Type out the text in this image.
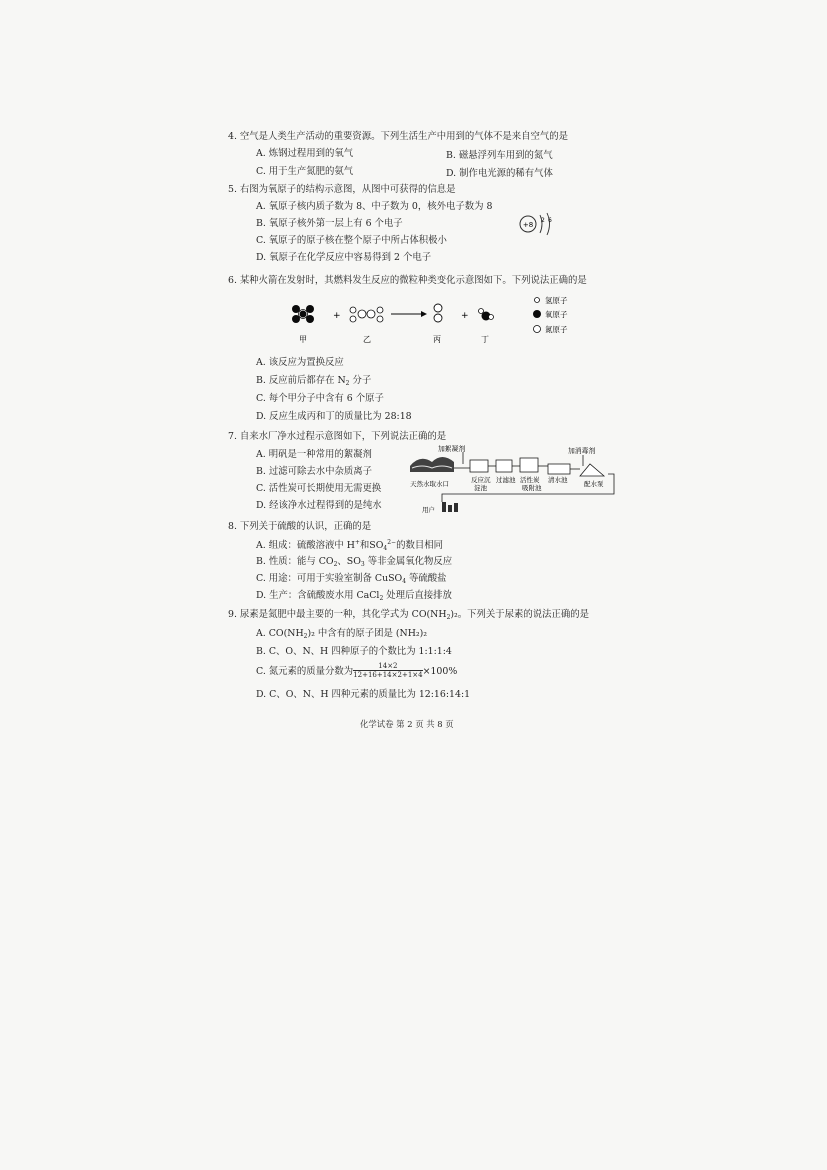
4. 空气是人类生产活动的重要资源。下列生活生产中用到的气体不是来自空气的是
A. 炼钢过程用到的氧气	B. 磁悬浮列车用到的氮气
C. 用于生产氮肥的氨气	D. 制作电光源的稀有气体
5. 右图为氧原子的结构示意图，从图中可获得的信息是
A. 氧原子核内质子数为 8、中子数为 0，核外电子数为 8
B. 氧原子核外第一层上有 6 个电子
C. 氧原子的原子核在整个原子中所占体积极小
D. 氧原子在化学反应中容易得到 2 个电子
+8
2 6
6. 某种火箭在发射时，其燃料发生反应的微粒种类变化示意图如下。下列说法正确的是
+	+
甲	乙	丙	丁
氢原子
氧原子
氮原子
A. 该反应为置换反应
B. 反应前后都存在 $N_2$ 分子
C. 每个甲分子中含有 6 个原子
D. 反应生成丙和丁的质量比为 28:18
7. 自来水厂净水过程示意图如下，下列说法正确的是
A. 明矾是一种常用的絮凝剂
B. 过滤可除去水中杂质离子
C. 活性炭可长期使用无需更换
D. 经该净水过程得到的是纯水
加絮凝剂	加消毒剂
天然水取水口	反应沉
淀池
过滤池 活性炭
吸附池
清水池	配水泵
用户
8. 下列关于硫酸的认识，正确的是
A. 组成：硫酸溶液中 H+和$SO_4^{2-}$的数目相同
B. 性质：能与 $CO_2$、$SO_3$ 等非金属氧化物反应
C. 用途：可用于实验室制备 CuSO$_4$ 等硫酸盐
D. 生产：含硫酸废水用 CaCl$_2$ 处理后直接排放
9. 尿素是氮肥中最主要的一种，其化学式为 $CO(NH_2)_2$。下列关于尿素的说法正确的是
A. $CO(NH_2)_2$ 中含有的原子团是 (NH₂)₂
B. C、O、N、H 四种原子的个数比为 1:1:1:4
C. 氮元素的质量分数为 $\frac{14\times 2}{12+16+14\times 2+1\times 4} \times 100\%$
D. C、O、N、H 四种元素的质量比为 12:16:14:1
化学试卷 第 2 页 共 8 页
